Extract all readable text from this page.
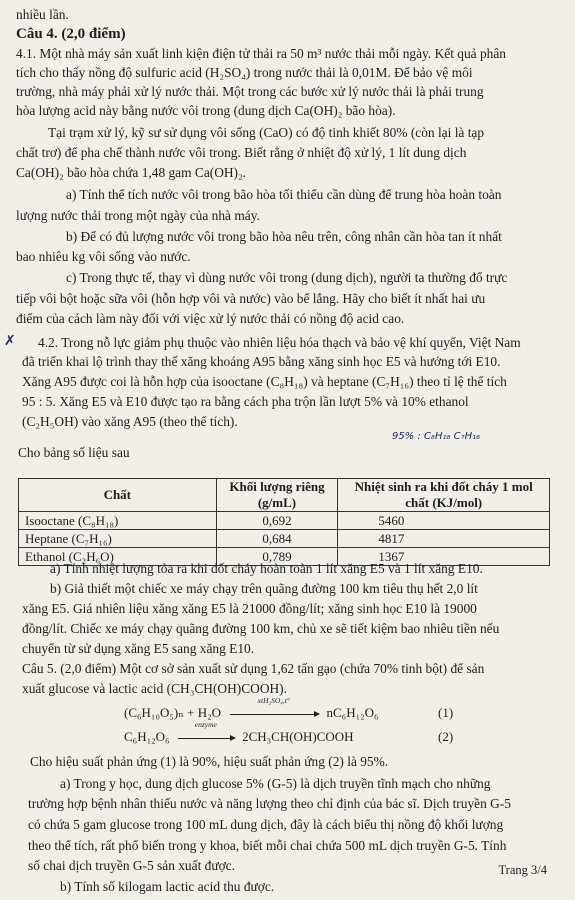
nhiều lần.
Câu 4. (2,0 điểm)
4.1. Một nhà máy sản xuất linh kiện điện tử thải ra 50 m³ nước thải mỗi ngày. Kết quả phân
tích cho thấy nồng độ sulfuric acid (H₂SO₄) trong nước thải là 0,01M. Để bảo vệ môi
trường, nhà máy phải xử lý nước thải. Một trong các bước xử lý nước thải là phải trung
hòa lượng acid này bằng nước vôi trong (dung dịch Ca(OH)₂ bão hòa).
Tại trạm xử lý, kỹ sư sử dụng vôi sống (CaO) có độ tinh khiết 80% (còn lại là tạp
chất trơ) để pha chế thành nước vôi trong. Biết rằng ở nhiệt độ xử lý, 1 lít dung dịch
Ca(OH)₂ bão hòa chứa 1,48 gam Ca(OH)₂.
a) Tính thể tích nước vôi trong bão hòa tối thiểu cần dùng để trung hòa hoàn toàn
lượng nước thải trong một ngày của nhà máy.
b) Để có đủ lượng nước vôi trong bão hòa nêu trên, công nhân cần hòa tan ít nhất
bao nhiêu kg vôi sống vào nước.
c) Trong thực tế, thay vì dùng nước vôi trong (dung dịch), người ta thường đổ trực
tiếp vôi bột hoặc sữa vôi (hỗn hợp vôi và nước) vào bể lắng. Hãy cho biết ít nhất hai ưu
điểm của cách làm này đối với việc xử lý nước thải có nồng độ acid cao.
✗ 4.2. Trong nỗ lực giảm phụ thuộc vào nhiên liệu hóa thạch và bảo vệ khí quyển, Việt Nam
đã triển khai lộ trình thay thế xăng khoáng A95 bằng xăng sinh học E5 và hướng tới E10.
Xăng A95 được coi là hỗn hợp của isooctane (C₈H₁₈) và heptane (C₇H₁₆) theo tỉ lệ thể tích
95 : 5. Xăng E5 và E10 được tạo ra bằng cách pha trộn lần lượt 5% và 10% ethanol
(C₂H₅OH) vào xăng A95 (theo thể tích).
95% : C₈H₁₈ C₇H₁₆
Cho bảng số liệu sau
Chất	Khối lượng riêng (g/mL)	Nhiệt sinh ra khi đốt cháy 1 mol chất (KJ/mol)
Isooctane (C₈H₁₈)	0,692	5460
Heptane (C₇H₁₆)	0,684	4817
Ethanol (C₂H₆O)	0,789	1367
a) Tính nhiệt lượng tỏa ra khi đốt cháy hoàn toàn 1 lít xăng E5 và 1 lít xăng E10.
b) Giả thiết một chiếc xe máy chạy trên quãng đường 100 km tiêu thụ hết 2,0 lít
xăng E5. Giá nhiên liệu xăng xăng E5 là 21000 đồng/lít; xăng sinh học E10 là 19000
đồng/lít. Chiếc xe máy chạy quãng đường 100 km, chủ xe sẽ tiết kiệm bao nhiêu tiền nếu
chuyển từ sử dụng xăng E5 sang xăng E10.
Câu 5. (2,0 điểm) Một cơ sở sản xuất sử dụng 1,62 tấn gạo (chứa 70% tinh bột) để sản
xuất glucose và lactic acid (CH₃CH(OH)COOH).
(C₆H₁₀O₅)ₙ + H₂O
xtH₂SO₄,t°
nC₆H₁₂O₆	(1)
C₆H₁₂O₆
enzyme
2CH₃CH(OH)COOH	(2)
Cho hiệu suất phản ứng (1) là 90%, hiệu suất phản ứng (2) là 95%.
a) Trong y học, dung dịch glucose 5% (G-5) là dịch truyền tĩnh mạch cho những
trường hợp bệnh nhân thiếu nước và năng lượng theo chỉ định của bác sĩ. Dịch truyền G-5
có chứa 5 gam glucose trong 100 mL dung dịch, đây là cách biểu thị nồng độ khối lượng
theo thể tích, rất phổ biến trong y khoa, biết mỗi chai chứa 500 mL dịch truyền G-5. Tính
số chai dịch truyền G-5 sản xuất được.
b) Tính số kilogam lactic acid thu được.
Trang 3/4
